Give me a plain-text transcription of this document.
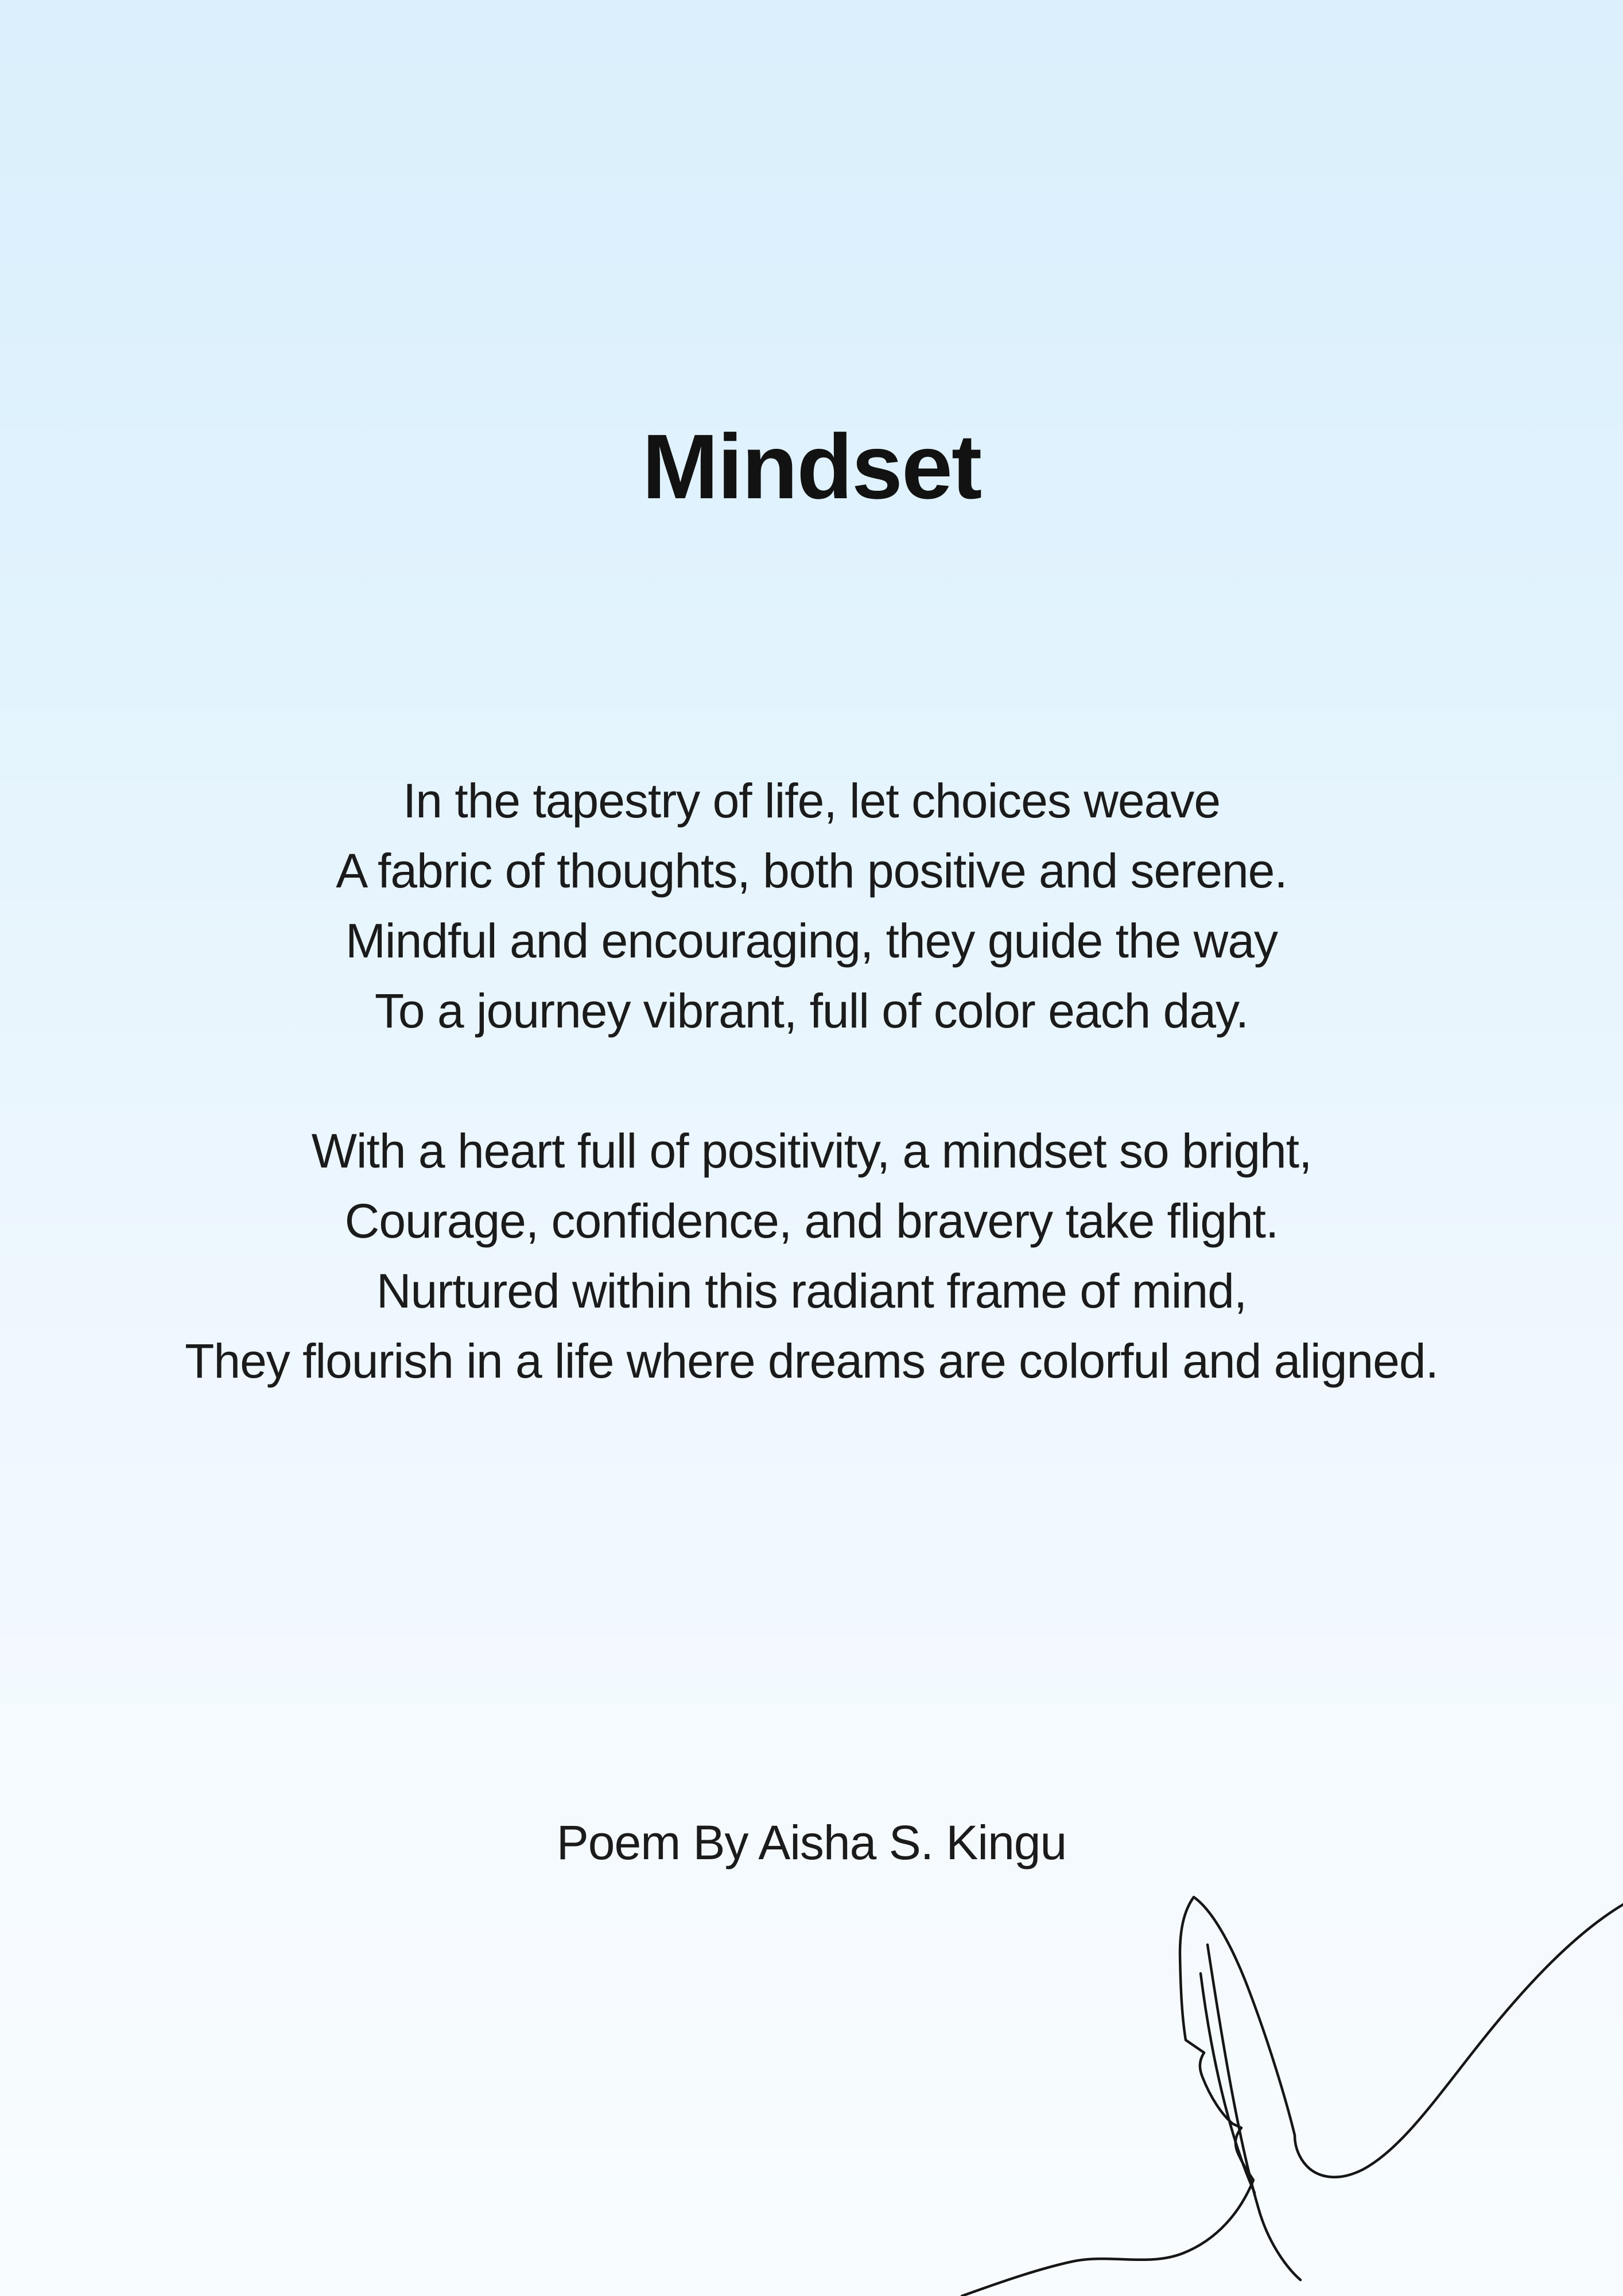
Mindset
In the tapestry of life, let choices weave
A fabric of thoughts, both positive and serene.
Mindful and encouraging, they guide the way
To a journey vibrant, full of color each day.
With a heart full of positivity, a mindset so bright,
Courage, confidence, and bravery take flight.
Nurtured within this radiant frame of mind,
They flourish in a life where dreams are colorful and aligned.
Poem By Aisha S. Kingu
